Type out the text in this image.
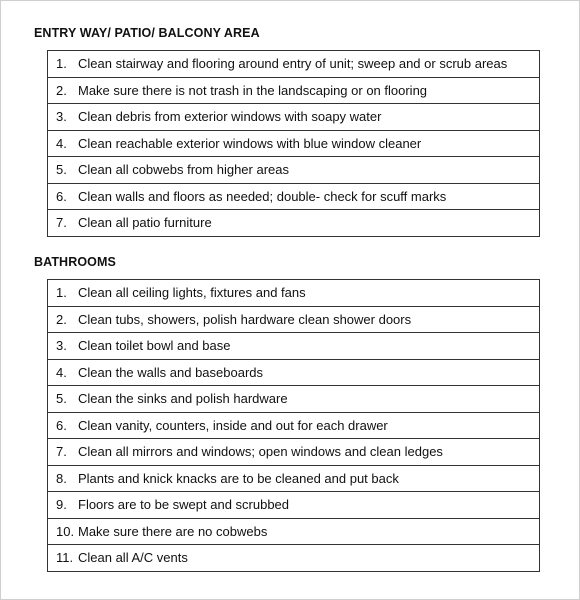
ENTRY WAY/ PATIO/ BALCONY AREA
1. Clean stairway and flooring around entry of unit; sweep and or scrub areas
2. Make sure there is not trash in the landscaping or on flooring
3. Clean debris from exterior windows with soapy water
4. Clean reachable exterior windows with blue window cleaner
5. Clean all cobwebs from higher areas
6. Clean walls and floors as needed; double- check for scuff marks
7. Clean all patio furniture
BATHROOMS
1. Clean all ceiling lights, fixtures and fans
2. Clean tubs, showers, polish hardware clean shower doors
3. Clean toilet bowl and base
4. Clean the walls and baseboards
5. Clean the sinks and polish hardware
6. Clean vanity, counters, inside and out for each drawer
7. Clean all mirrors and windows; open windows and clean ledges
8. Plants and knick knacks are to be cleaned and put back
9. Floors are to be swept and scrubbed
10. Make sure there are no cobwebs
11. Clean all A/C vents
